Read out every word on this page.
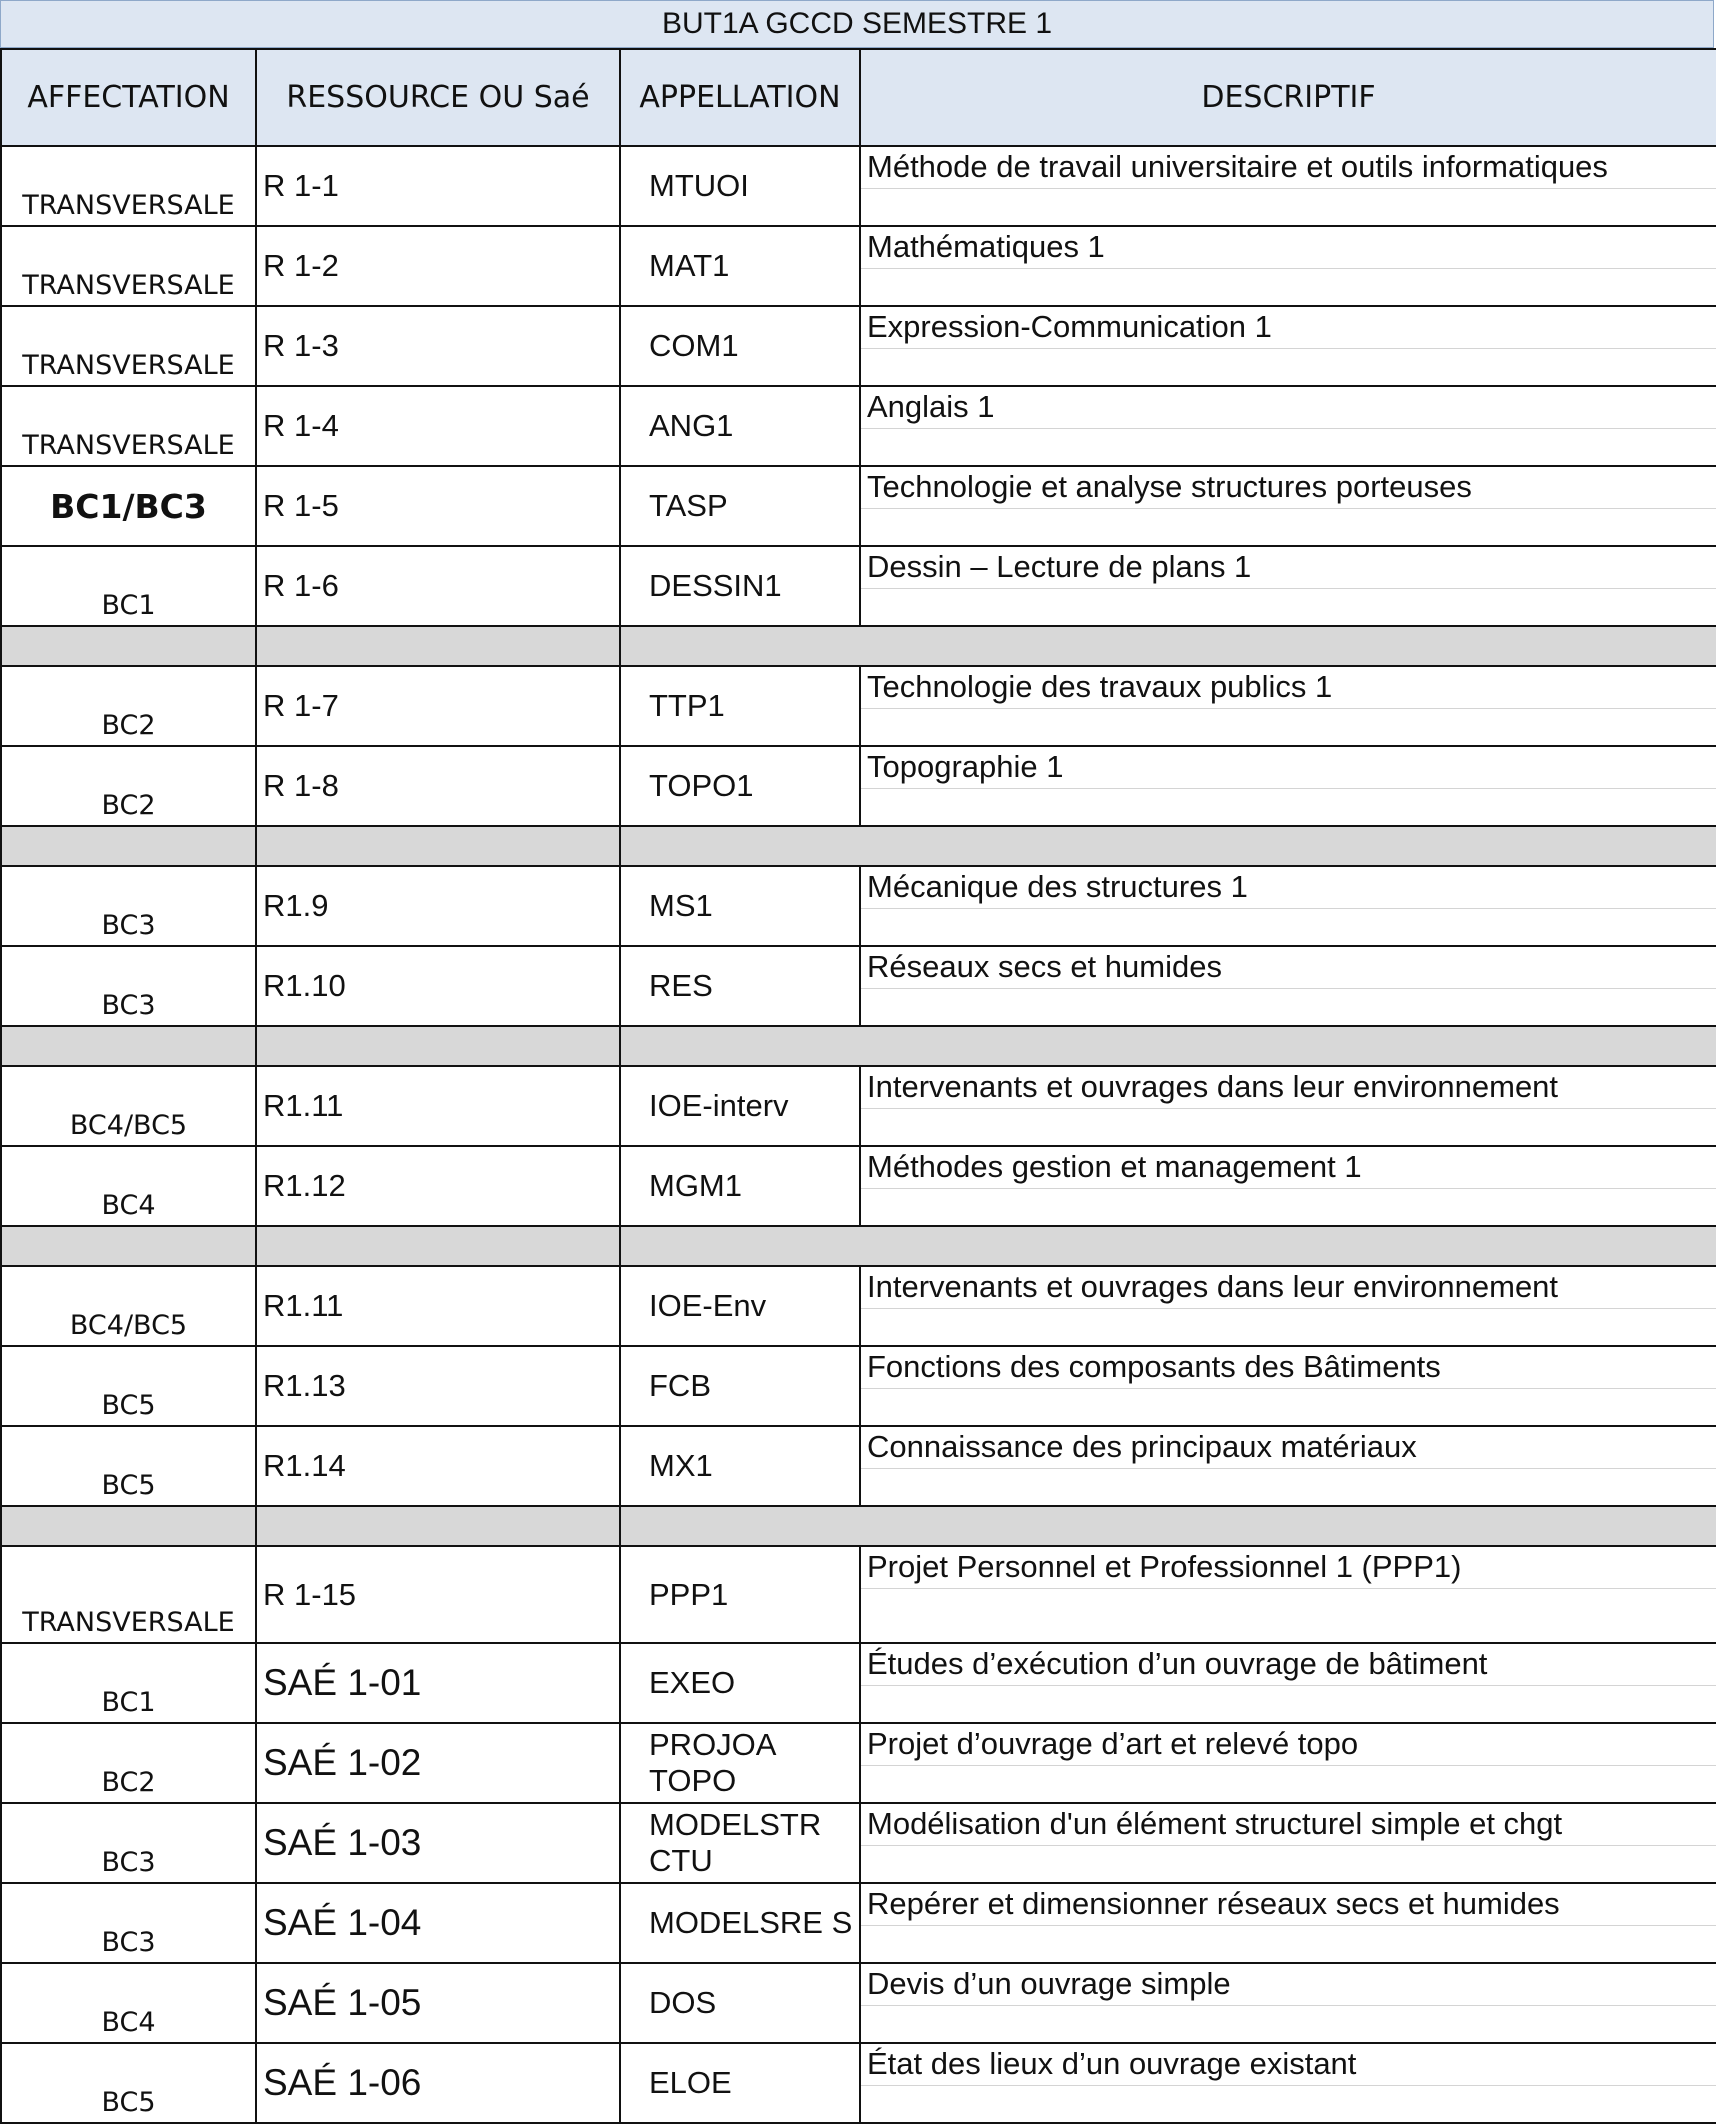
BUT1A GCCD SEMESTRE 1
AFFECTATION	RESSOURCE OU Saé	APPELLATION	DESCRIPTIF
TRANSVERSALE	R 1-1	MTUOI	Méthode de travail universitaire et outils informatiques

TRANSVERSALE	R 1-2	MAT1	Mathématiques 1

TRANSVERSALE	R 1-3	COM1	Expression-Communication 1

TRANSVERSALE	R 1-4	ANG1	Anglais 1

BC1/BC3	R 1-5	TASP	Technologie et analyse structures porteuses

BC1	R 1-6	DESSIN1	Dessin – Lecture de plans 1

BC2	R 1-7	TTP1	Technologie des travaux publics 1

BC2	R 1-8	TOPO1	Topographie 1

BC3	R1.9	MS1	Mécanique des structures 1

BC3	R1.10	RES	Réseaux secs et humides

BC4/BC5	R1.11	IOE-interv	Intervenants et ouvrages dans leur environnement

BC4	R1.12	MGM1	Méthodes gestion et management 1

BC4/BC5	R1.11	IOE-Env	Intervenants et ouvrages dans leur environnement

BC5	R1.13	FCB	Fonctions des composants des Bâtiments

BC5	R1.14	MX1	Connaissance des principaux matériaux

TRANSVERSALE	R 1-15	PPP1	Projet Personnel et Professionnel 1 (PPP1)

BC1	SAÉ 1-01	EXEO	Études d’exécution d’un ouvrage de bâtiment

BC2	SAÉ 1-02	PROJOA TOPO	Projet d’ouvrage d’art et relevé topo

BC3	SAÉ 1-03	MODELSTR CTU	Modélisation d'un élément structurel simple et chgt

BC3	SAÉ 1-04	MODELSRE S	Repérer et dimensionner réseaux secs et humides

BC4	SAÉ 1-05	DOS	Devis d’un ouvrage simple

BC5	SAÉ 1-06	ELOE	État des lieux d’un ouvrage existant
